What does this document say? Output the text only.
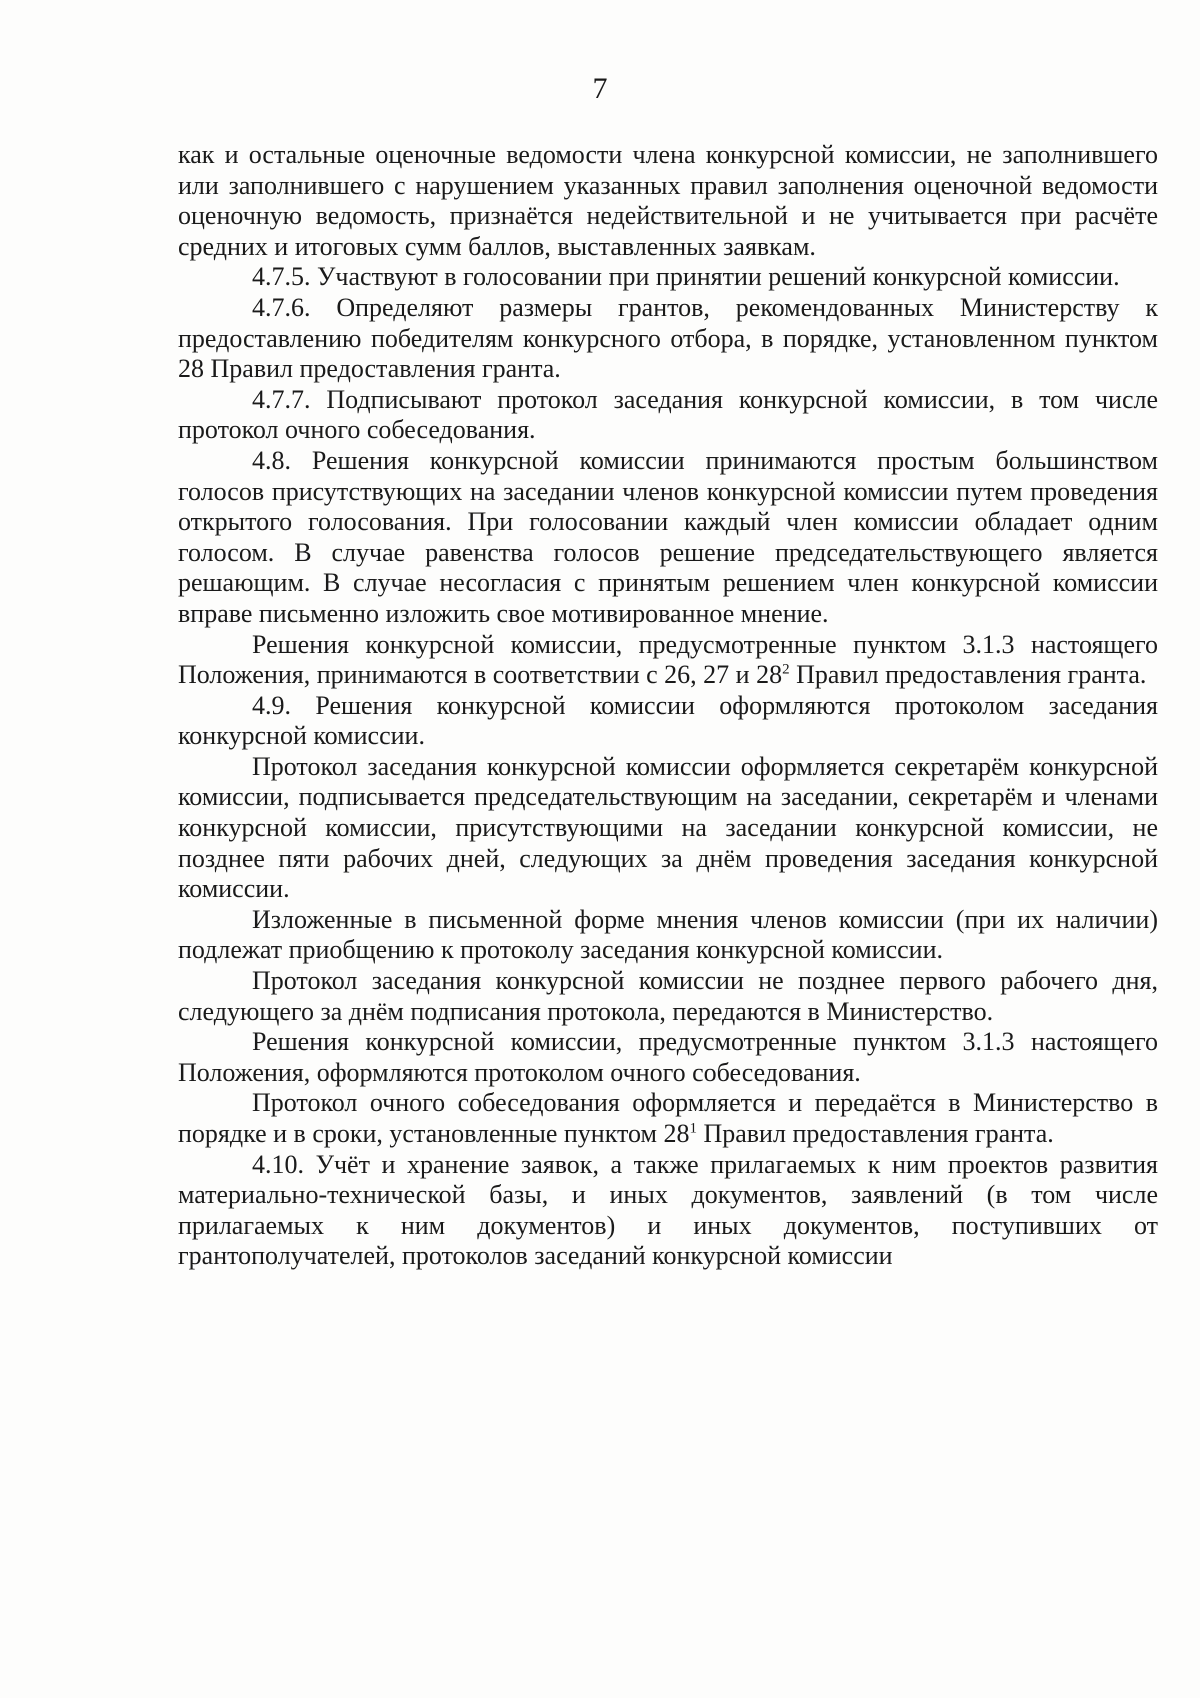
7

как и остальные оценочные ведомости члена конкурсной комиссии, не заполнившего или заполнившего с нарушением указанных правил заполнения оценочной ведомости оценочную ведомость, признаётся недействительной и не учитывается при расчёте средних и итоговых сумм баллов, выставленных заявкам.

4.7.5. Участвуют в голосовании при принятии решений конкурсной комиссии.

4.7.6. Определяют размеры грантов, рекомендованных Министерству к предоставлению победителям конкурсного отбора, в порядке, установленном пунктом 28 Правил предоставления гранта.

4.7.7. Подписывают протокол заседания конкурсной комиссии, в том числе протокол очного собеседования.

4.8. Решения конкурсной комиссии принимаются простым большинством голосов присутствующих на заседании членов конкурсной комиссии путем проведения открытого голосования. При голосовании каждый член комиссии обладает одним голосом. В случае равенства голосов решение председательствующего является решающим. В случае несогласия с принятым решением член конкурсной комиссии вправе письменно изложить свое мотивированное мнение.

Решения конкурсной комиссии, предусмотренные пунктом 3.1.3 настоящего Положения, принимаются в соответствии с 26, 27 и $28^2$ Правил предоставления гранта.

4.9. Решения конкурсной комиссии оформляются протоколом заседания конкурсной комиссии.

Протокол заседания конкурсной комиссии оформляется секретарём конкурсной комиссии, подписывается председательствующим на заседании, секретарём и членами конкурсной комиссии, присутствующими на заседании конкурсной комиссии, не позднее пяти рабочих дней, следующих за днём проведения заседания конкурсной комиссии.

Изложенные в письменной форме мнения членов комиссии (при их наличии) подлежат приобщению к протоколу заседания конкурсной комиссии.

Протокол заседания конкурсной комиссии не позднее первого рабочего дня, следующего за днём подписания протокола, передаются в Министерство.

Решения конкурсной комиссии, предусмотренные пунктом 3.1.3 настоящего Положения, оформляются протоколом очного собеседования.

Протокол очного собеседования оформляется и передаётся в Министерство в порядке и в сроки, установленные пунктом $28^1$ Правил предоставления гранта.

4.10. Учёт и хранение заявок, а также прилагаемых к ним проектов развития материально-технической базы, и иных документов, заявлений (в том числе прилагаемых к ним документов) и иных документов, поступивших от грантополучателей, протоколов заседаний конкурсной комиссии
